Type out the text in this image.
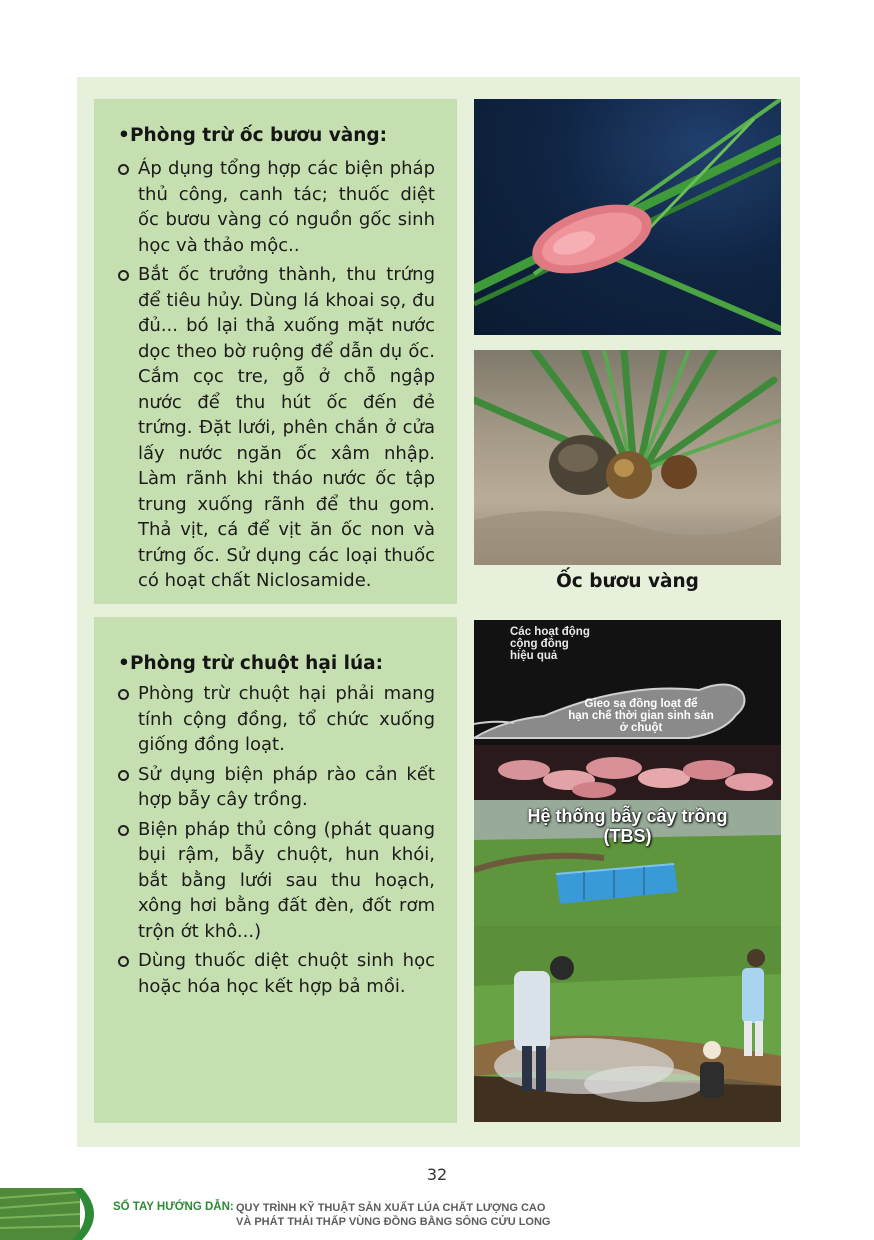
•Phòng trừ ốc bươu vàng:
Áp dụng tổng hợp các biện pháp thủ công, canh tác; thuốc diệt ốc bươu vàng có nguồn gốc sinh học và thảo mộc..
Bắt ốc trưởng thành, thu trứng để tiêu hủy. Dùng lá khoai sọ, đu đủ... bó lại thả xuống mặt nước dọc theo bờ ruộng để dẫn dụ ốc. Cắm cọc tre, gỗ ở chỗ ngập nước để thu hút ốc đến đẻ trứng. Đặt lưới, phên chắn ở cửa lấy nước ngăn ốc xâm nhập. Làm rãnh khi tháo nước ốc tập trung xuống rãnh để thu gom. Thả vịt, cá để vịt ăn ốc non và trứng ốc. Sử dụng các loại thuốc có hoạt chất Niclosamide.
•Phòng trừ chuột hại lúa:
Phòng trừ chuột hại phải mang tính cộng đồng, tổ chức xuống giống đồng loạt.
Sử dụng biện pháp rào cản kết hợp bẫy cây trồng.
Biện pháp thủ công (phát quang bụi rậm, bẫy chuột, hun khói, bắt bằng lưới sau thu hoạch, xông hơi bằng đất đèn, đốt rơm trộn ớt khô...)
Dùng thuốc diệt chuột sinh học hoặc hóa học kết hợp bả mồi.
Ốc bươu vàng
Các hoạt động
cộng đồng
hiệu quả
Gieo sạ đồng loạt để
hạn chế thời gian sinh sản
ở chuột
Hệ thống bẫy cây trồng
(TBS)
32
SỔ TAY HƯỚNG DẪN: QUY TRÌNH KỸ THUẬT SẢN XUẤT LÚA CHẤT LƯỢNG CAO
VÀ PHÁT THẢI THẤP VÙNG ĐỒNG BẰNG SÔNG CỬU LONG
